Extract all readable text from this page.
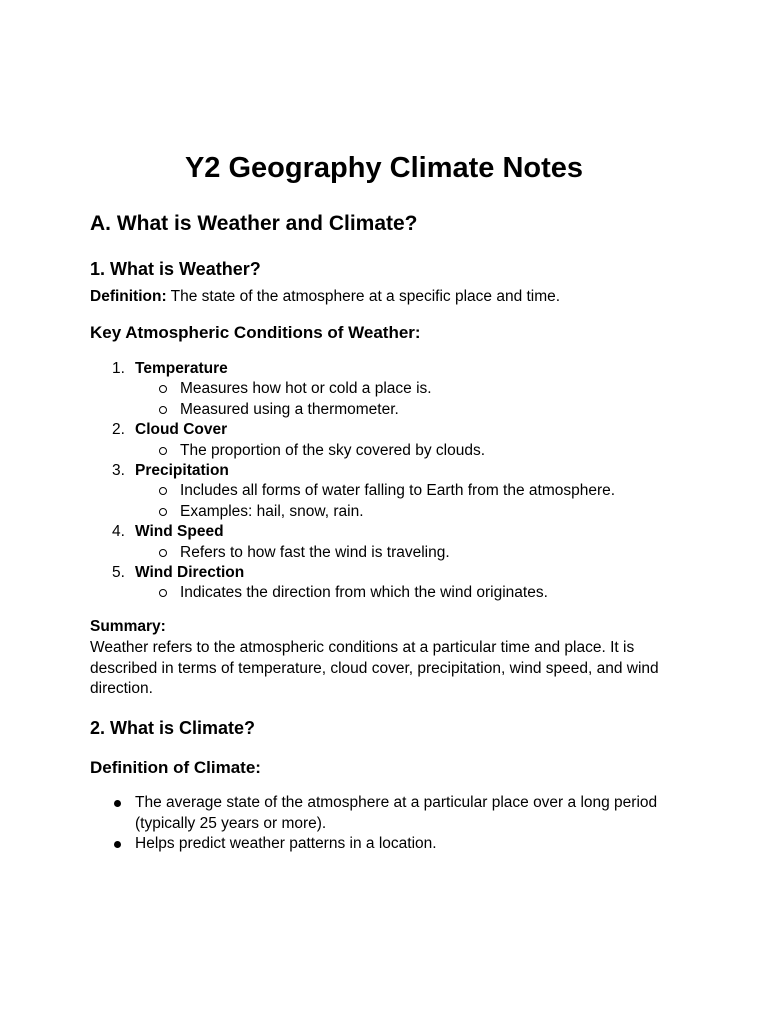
Y2 Geography Climate Notes
A. What is Weather and Climate?
1. What is Weather?
Definition: The state of the atmosphere at a specific place and time.
Key Atmospheric Conditions of Weather:
1. Temperature
Measures how hot or cold a place is.
Measured using a thermometer.
2. Cloud Cover
The proportion of the sky covered by clouds.
3. Precipitation
Includes all forms of water falling to Earth from the atmosphere.
Examples: hail, snow, rain.
4. Wind Speed
Refers to how fast the wind is traveling.
5. Wind Direction
Indicates the direction from which the wind originates.
Summary:
Weather refers to the atmospheric conditions at a particular time and place. It is described in terms of temperature, cloud cover, precipitation, wind speed, and wind direction.
2. What is Climate?
Definition of Climate:
The average state of the atmosphere at a particular place over a long period (typically 25 years or more).
Helps predict weather patterns in a location.
